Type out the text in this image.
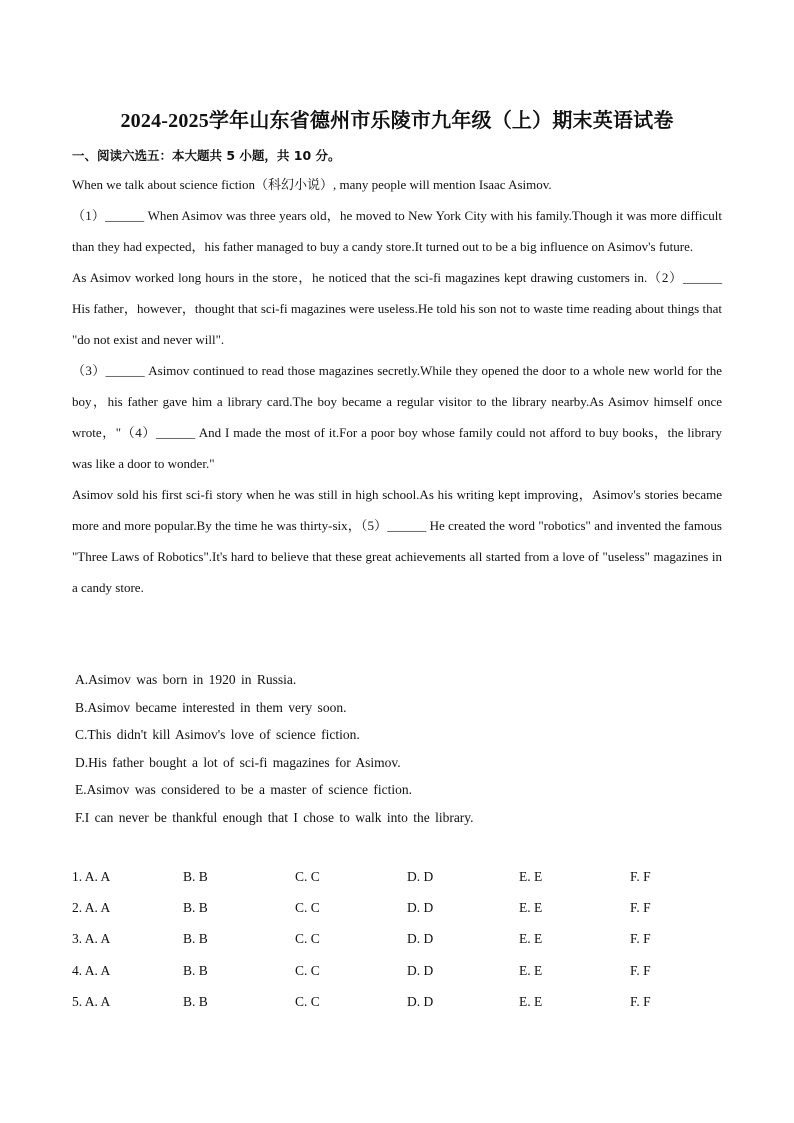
2024-2025学年山东省德州市乐陵市九年级（上）期末英语试卷
一、阅读六选五：本大题共 5 小题，共 10 分。

When we talk about science fiction（科幻小说）, many people will mention Isaac Asimov.

（1）______ When Asimov was three years old，he moved to New York City with his family.Though it was more difficult than they had expected，his father managed to buy a candy store.It turned out to be a big influence on Asimov's future.

As Asimov worked long hours in the store，he noticed that the sci-fi magazines kept drawing customers in.（2）______ His father，however，thought that sci-fi magazines were useless.He told his son not to waste time reading about things that "do not exist and never will".

（3）______ Asimov continued to read those magazines secretly.While they opened the door to a whole new world for the boy，his father gave him a library card.The boy became a regular visitor to the library nearby.As Asimov himself once wrote，"（4）______ And I made the most of it.For a poor boy whose family could not afford to buy books，the library was like a door to wonder."

Asimov sold his first sci-fi story when he was still in high school.As his writing kept improving，Asimov's stories became more and more popular.By the time he was thirty-six，（5）______ He created the word "robotics" and invented the famous "Three Laws of Robotics".It's hard to believe that these great achievements all started from a love of "useless" magazines in a candy store.

A.Asimov was born in 1920 in Russia.
B.Asimov became interested in them very soon.
C.This didn't kill Asimov's love of science fiction.
D.His father bought a lot of sci-fi magazines for Asimov.
E.Asimov was considered to be a master of science fiction.
F.I can never be thankful enough that I chose to walk into the library.
1. A. A	B. B	C. C	D. D	E. E	F. F
2. A. A	B. B	C. C	D. D	E. E	F. F
3. A. A	B. B	C. C	D. D	E. E	F. F
4. A. A	B. B	C. C	D. D	E. E	F. F
5. A. A	B. B	C. C	D. D	E. E	F. F
